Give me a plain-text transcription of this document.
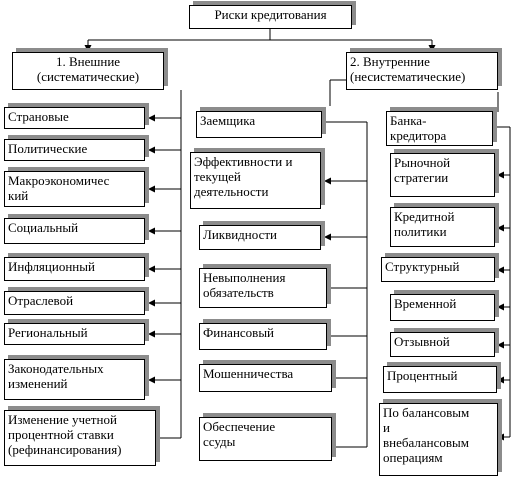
Риски кредитования
1. Внешние
(систематические)
Страновые
Политические
Макроэкономичес
кий
Социальный
Инфляционный
Отраслевой
Региональный
Законодательных
изменений
Изменение учетной
процентной ставки
(рефинансирования)
2. Внутренние
(несистематические)
Заемщика
Эффективности и
текущей
деятельности
Ликвидности
Невыполнения
обязательств
Финансовый
Мошенничества
Обеспечение
ссуды
Банка-
кредитора
Рыночной
стратегии
Кредитной
политики
Структурный
Временной
Отзывной
Процентный
По балансовым
и
внебалансовым
операциям
